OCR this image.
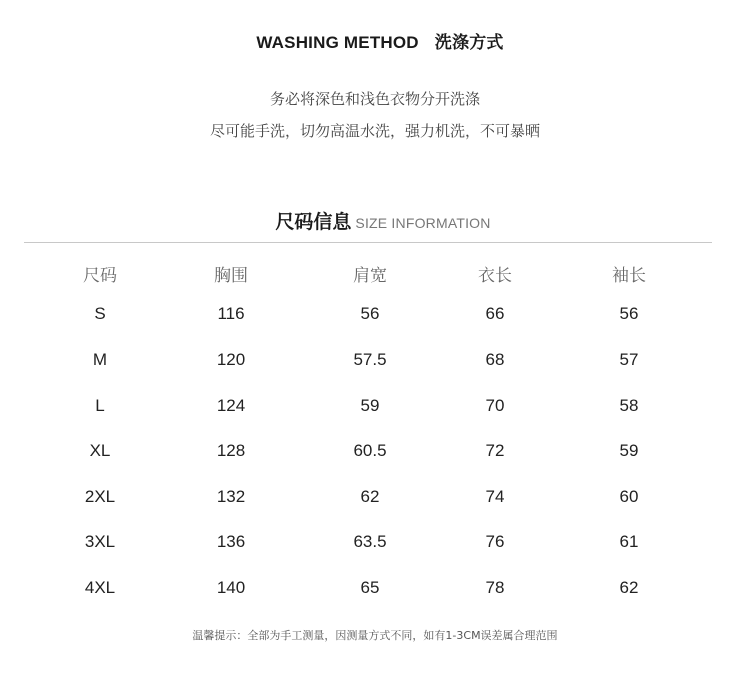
WASHING METHOD 洗涤方式
务必将深色和浅色衣物分开洗涤
尽可能手洗，切勿高温水洗，强力机洗，不可暴晒
尺码信息 SIZE INFORMATION
尺码	胸围	肩宽	衣长	袖长
S	116	56	66	56
M	120	57.5	68	57
L	124	59	70	58
XL	128	60.5	72	59
2XL	132	62	74	60
3XL	136	63.5	76	61
4XL	140	65	78	62
温馨提示：全部为手工测量，因测量方式不同，如有1-3CM误差属合理范围
